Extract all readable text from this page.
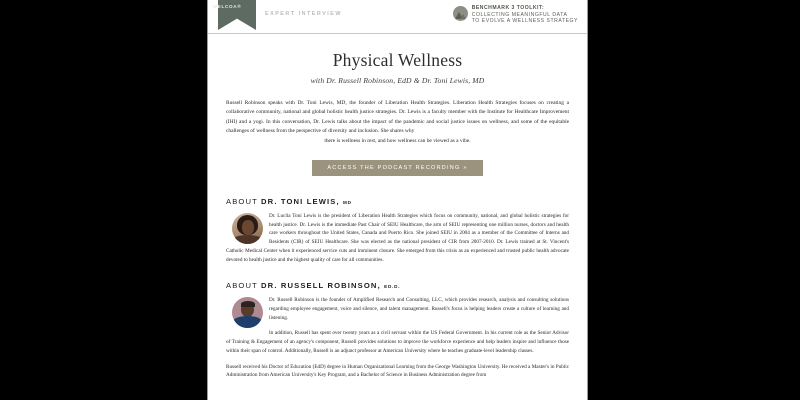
WELCOA®
EXPERT INTERVIEW
BENCHMARK 3 TOOLKIT:
COLLECTING MEANINGFUL DATA
TO EVOLVE A WELLNESS STRATEGY
Physical Wellness
with Dr. Russell Robinson, EdD & Dr. Toni Lewis, MD

Russell Robinson speaks with Dr. Toni Lewis, MD, the founder of Liberation Health Strategies. Liberation Health Strategies focuses on creating a collaborative community, national and global holistic health justice strategies. Dr. Lewis is a faculty member with the Institute for Healthcare Improvement (IHI) and a yogi. In this conversation, Dr. Lewis talks about the impact of the pandemic and social justice issues on wellness, and some of the equitable challenges of wellness from the perspective of diversity and inclusion. She shares why
there is wellness in rest, and how wellness can be viewed as a vibe.

ACCESS THE PODCAST RECORDING »
ABOUT DR. TONI LEWIS, MD
Dr. Lucila Toni Lewis is the president of Liberation Health Strategies which focus on community, national, and global holistic strategies for health justice. Dr. Lewis is the immediate Past Chair of SEIU Healthcare, the arm of SEIU representing one million nurses, doctors and health care workers throughout the United States, Canada and Puerto Rico. She joined SEIU in 2004 as a member of the Committee of Interns and Residents (CIR) of SEIU Healthcare. She was elected as the national president of CIR from 2007-2010. Dr. Lewis trained at St. Vincent's Catholic Medical Center when it experienced service cuts and imminent closure. She emerged from this crisis as an experienced and trusted public health advocate devoted to health justice and the highest quality of care for all communities.
ABOUT DR. RUSSELL ROBINSON, ED.D.

Dr. Russell Robinson is the founder of Amplified Research and Consulting, LLC, which provides research, analysis and consulting solutions regarding employee engagement, voice and silence, and talent management. Russell's focus is helping leaders create a culture of learning and listening.

In addition, Russell has spent over twenty years as a civil servant within the US Federal Government. In his current role as the Senior Advisor of Training & Engagement of an agency's component, Russell provides solutions to improve the workforce experience and help leaders inspire and influence those within their span of control. Additionally, Russell is an adjunct professor at American University where he teaches graduate-level leadership classes.

Russell received his Doctor of Education (EdD) degree in Human Organizational Learning from the George Washington University. He received a Master's in Public Administration from American University's Key Program, and a Bachelor of Science in Business Administration degree from
